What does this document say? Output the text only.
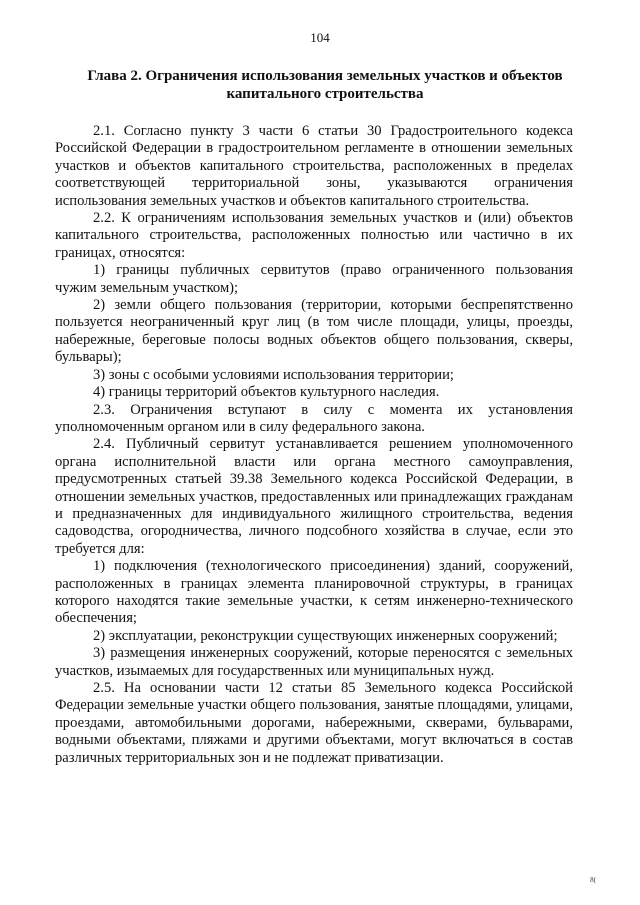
104
Глава 2. Ограничения использования земельных участков и объектов капитального строительства

2.1. Согласно пункту 3 части 6 статьи 30 Градостроительного кодекса Российской Федерации в градостроительном регламенте в отношении земельных участков и объектов капитального строительства, расположенных в пределах соответствующей территориальной зоны, указываются ограничения использования земельных участков и объектов капитального строительства.

2.2. К ограничениям использования земельных участков и (или) объектов капитального строительства, расположенных полностью или частично в их границах, относятся:

1) границы публичных сервитутов (право ограниченного пользования чужим земельным участком);

2) земли общего пользования (территории, которыми беспрепятственно пользуется неограниченный круг лиц (в том числе площади, улицы, проезды, набережные, береговые полосы водных объектов общего пользования, скверы, бульвары);

3) зоны с особыми условиями использования территории;

4) границы территорий объектов культурного наследия.

2.3. Ограничения вступают в силу с момента их установления уполномоченным органом или в силу федерального закона.

2.4. Публичный сервитут устанавливается решением уполномоченного органа исполнительной власти или органа местного самоуправления, предусмотренных статьей 39.38 Земельного кодекса Российской Федерации, в отношении земельных участков, предоставленных или принадлежащих гражданам и предназначенных для индивидуального жилищного строительства, ведения садоводства, огородничества, личного подсобного хозяйства в случае, если это требуется для:

1) подключения (технологического присоединения) зданий, сооружений, расположенных в границах элемента планировочной структуры, в границах которого находятся такие земельные участки, к сетям инженерно-технического обеспечения;

2) эксплуатации, реконструкции существующих инженерных сооружений;

3) размещения инженерных сооружений, которые переносятся с земельных участков, изымаемых для государственных или муниципальных нужд.

2.5. На основании части 12 статьи 85 Земельного кодекса Российской Федерации земельные участки общего пользования, занятые площадями, улицами, проездами, автомобильными дорогами, набережными, скверами, бульварами, водными объектами, пляжами и другими объектами, могут включаться в состав различных территориальных зон и не подлежат приватизации.

8(
